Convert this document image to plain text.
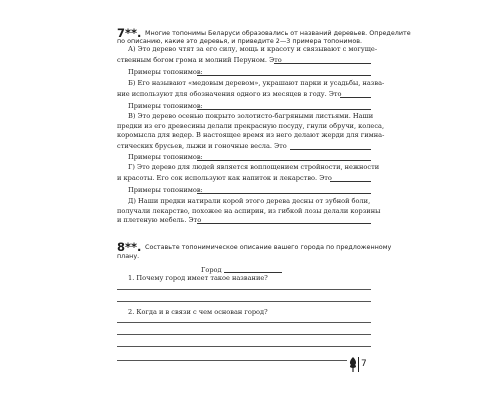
7**. Многие топонимы Беларуси образовались от названий деревьев. Определите
по описанию, какие это деревья, и приведите 2—3 примера топонимов.
А) Это дерево чтят за его силу, мощь и красоту и связывают с могуще-
ственным богом грома и молний Перуном. Это
Примеры топонимов:
Б) Его называют «медовым деревом», украшают парки и усадьбы, назва-
ние используют для обозначения одного из месяцев в году. Это
Примеры топонимов:
В) Это дерево осенью покрыто золотисто-багряными листьями. Наши
предки из его древесины делали прекрасную посуду, гнули обручи, колеса,
коромысла для ведер. В настоящее время из него делают жерди для гимна-
стических брусьев, лыжи и гоночные весла. Это
Примеры топонимов:
Г) Это дерево для людей является воплощением стройности, нежности
и красоты. Его сок используют как напиток и лекарство. Это
Примеры топонимов:
Д) Наши предки натирали корой этого дерева десны от зубной боли,
получали лекарство, похожее на аспирин, из гибкой лозы делали корзины
и плетеную мебель. Это
8**. Составьте топонимическое описание вашего города по предложенному
плану.
Город
1. Почему город имеет такое название?
2. Когда и в связи с чем основан город?
7
